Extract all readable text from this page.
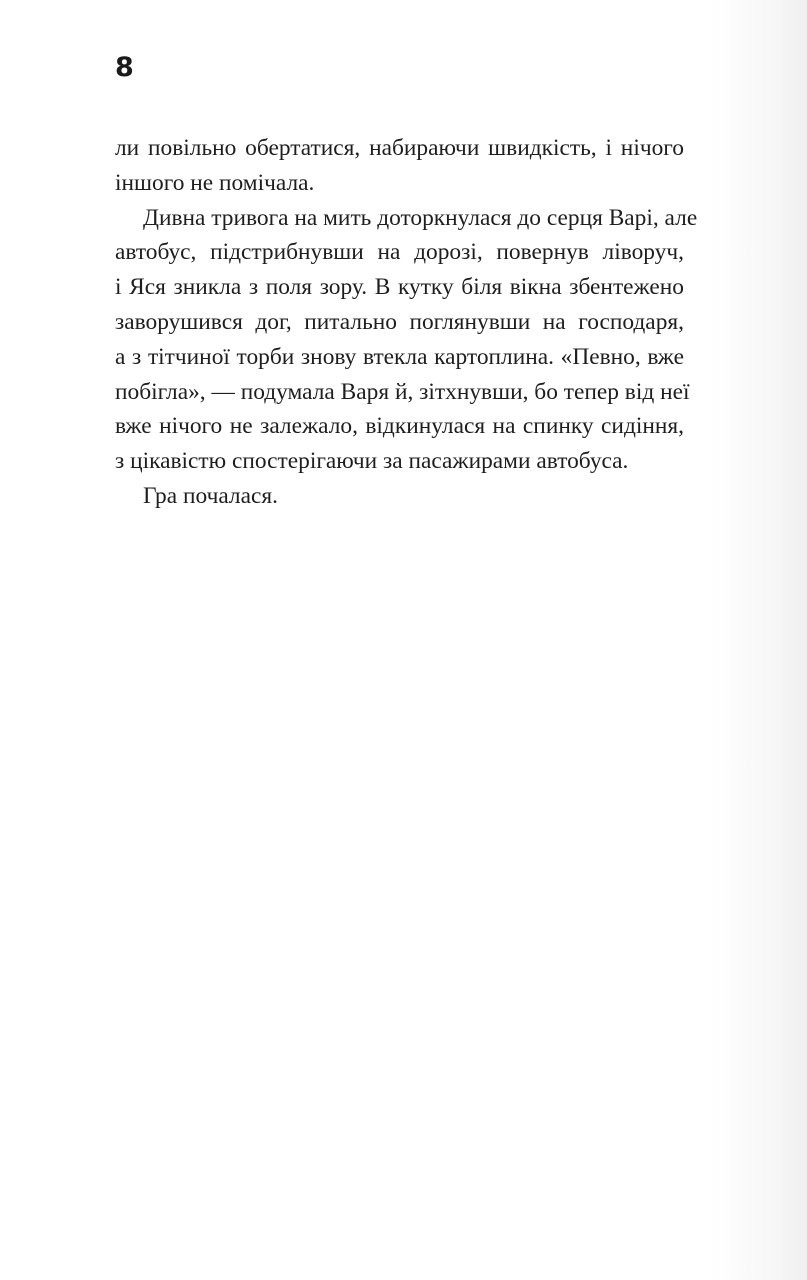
8

ли повільно обертатися, набираючи швидкість, і нічого
іншого не помічала.

Дивна тривога на мить доторкнулася до серця Варі, але
автобус, підстрибнувши на дорозі, повернув ліворуч,
і Яся зникла з поля зору. В кутку біля вікна збентежено
заворушився дог, питально поглянувши на господаря,
а з тітчиної торби знову втекла картоплина. «Певно, вже
побігла», — подумала Варя й, зітхнувши, бо тепер від неї
вже нічого не залежало, відкинулася на спинку сидіння,
з цікавістю спостерігаючи за пасажирами автобуса.

Гра почалася.
